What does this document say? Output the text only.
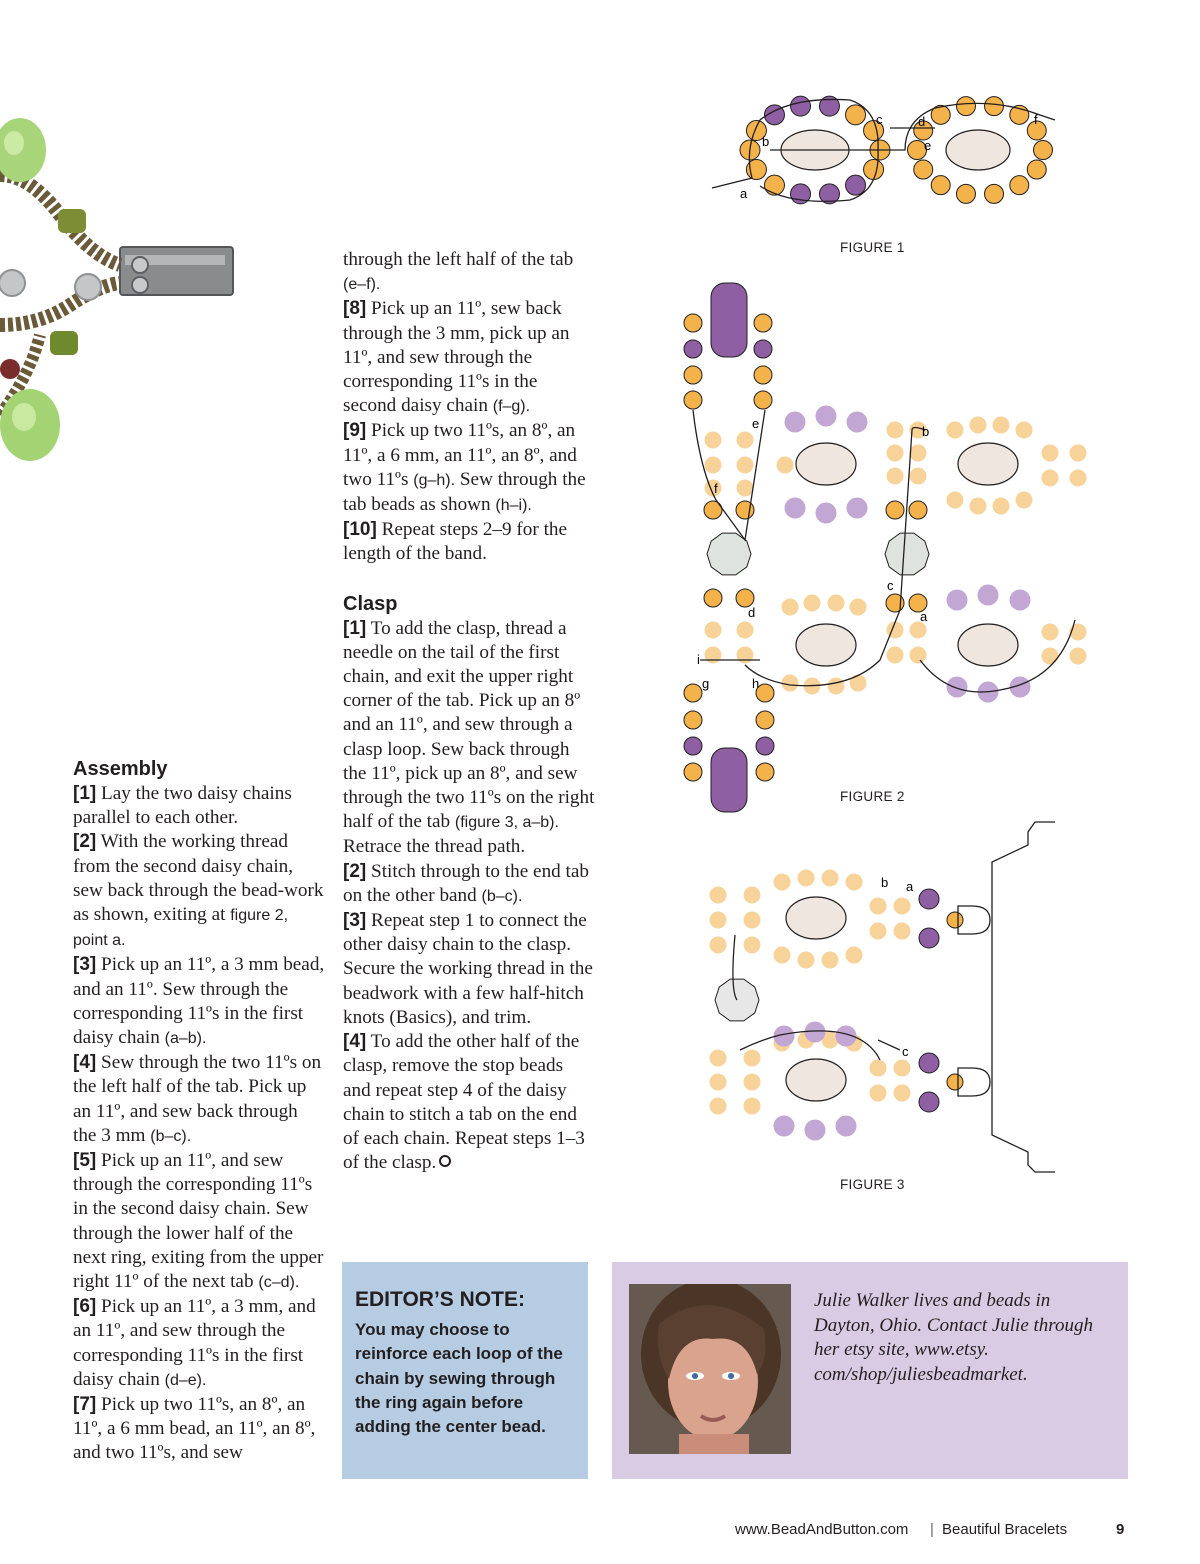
Assembly

[1] Lay the two daisy chains parallel to each other.

[2] With the working thread from the second daisy chain, sew back through the bead-work as shown, exiting at figure 2, point a.

[3] Pick up an 11º, a 3 mm bead, and an 11º. Sew through the corresponding 11ºs in the first daisy chain (a–b).

[4] Sew through the two 11ºs on the left half of the tab. Pick up an 11º, and sew back through the 3 mm (b–c).

[5] Pick up an 11º, and sew through the corresponding 11ºs in the second daisy chain. Sew through the lower half of the next ring, exiting from the upper right 11º of the next tab (c–d).

[6] Pick up an 11º, a 3 mm, and an 11º, and sew through the corresponding 11ºs in the first daisy chain (d–e).

[7] Pick up two 11ºs, an 8º, an 11º, a 6 mm bead, an 11º, an 8º, and two 11ºs, and sew

through the left half of the tab (e–f).

[8] Pick up an 11º, sew back through the 3 mm, pick up an 11º, and sew through the corresponding 11ºs in the second daisy chain (f–g).

[9] Pick up two 11ºs, an 8º, an 11º, a 6 mm, an 11º, an 8º, and two 11ºs (g–h). Sew through the tab beads as shown (h–i).

[10] Repeat steps 2–9 for the length of the band.

Clasp

[1] To add the clasp, thread a needle on the tail of the first chain, and exit the upper right corner of the tab. Pick up an 8º and an 11º, and sew through a clasp loop. Sew back through the 11º, pick up an 8º, and sew through the two 11ºs on the right half of the tab (figure 3, a–b). Retrace the thread path.

[2] Stitch through to the end tab on the other band (b–c).

[3] Repeat step 1 to connect the other daisy chain to the clasp. Secure the working thread in the beadwork with a few half-hitch knots (Basics), and trim.

[4] To add the other half of the clasp, remove the stop beads and repeat step 4 of the daisy chain to stitch a tab on the end of each chain. Repeat steps 1–3 of the clasp.

a
b
c	d
e
f
FIGURE 1
e
f
b
c
a
d
i
g	h
FIGURE 2
b a
c
FIGURE 3
EDITOR’S NOTE:
You may choose to reinforce each loop of the chain by sewing through the ring again before adding the center bead.
Julie Walker lives and beads in Dayton, Ohio. Contact Julie through her etsy site, www.etsy. com/shop/juliesbeadmarket.
www.BeadAndButton.com | Beautiful Bracelets	9
